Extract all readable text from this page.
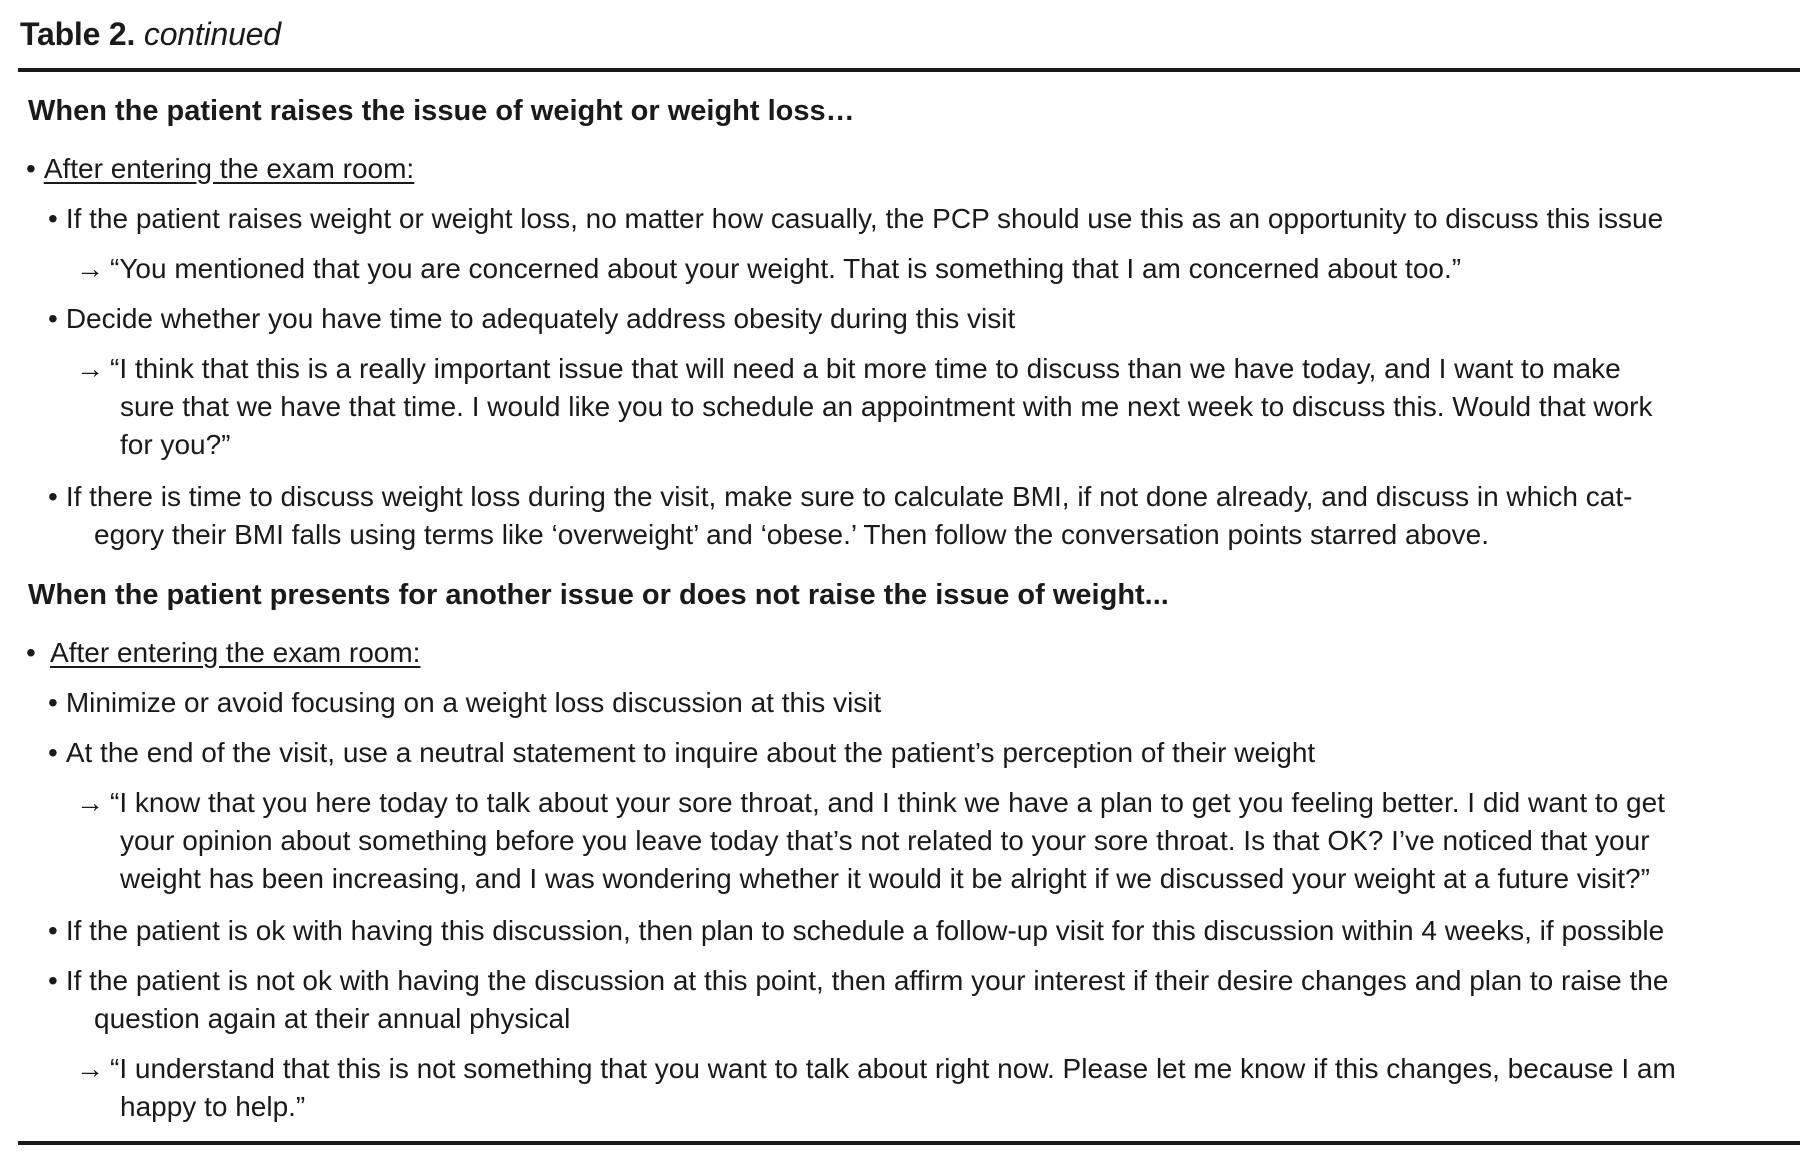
Table 2. continued
When the patient raises the issue of weight or weight loss…
• After entering the exam room:
• If the patient raises weight or weight loss, no matter how casually, the PCP should use this as an opportunity to discuss this issue
→ “You mentioned that you are concerned about your weight. That is something that I am concerned about too.”
• Decide whether you have time to adequately address obesity during this visit
→ “I think that this is a really important issue that will need a bit more time to discuss than we have today, and I want to make
sure that we have that time. I would like you to schedule an appointment with me next week to discuss this. Would that work
for you?”
• If there is time to discuss weight loss during the visit, make sure to calculate BMI, if not done already, and discuss in which cat-
egory their BMI falls using terms like ‘overweight’ and ‘obese.’ Then follow the conversation points starred above.
When the patient presents for another issue or does not raise the issue of weight...
• After entering the exam room:
• Minimize or avoid focusing on a weight loss discussion at this visit
• At the end of the visit, use a neutral statement to inquire about the patient’s perception of their weight
→ “I know that you here today to talk about your sore throat, and I think we have a plan to get you feeling better. I did want to get
your opinion about something before you leave today that’s not related to your sore throat. Is that OK? I’ve noticed that your
weight has been increasing, and I was wondering whether it would it be alright if we discussed your weight at a future visit?”
• If the patient is ok with having this discussion, then plan to schedule a follow-up visit for this discussion within 4 weeks, if possible
• If the patient is not ok with having the discussion at this point, then affirm your interest if their desire changes and plan to raise the
question again at their annual physical
→ “I understand that this is not something that you want to talk about right now. Please let me know if this changes, because I am
happy to help.”
